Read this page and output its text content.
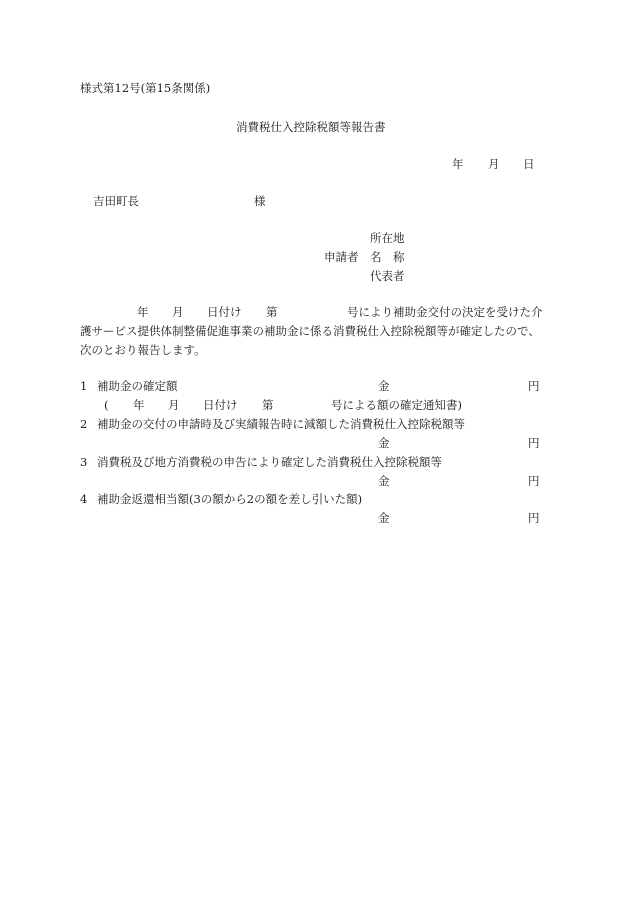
様式第12号(第15条関係)
消費税仕入控除税額等報告書
年 月 日
吉田町長	様
所在地
申請者 名　称
代表者
年 月 日付け 第	号により補助金交付の決定を受けた介
護サービス提供体制整備促進事業の補助金に係る消費税仕入控除税額等が確定したので、
次のとおり報告します。
1 補助金の確定額	金	円
( 年 月 日付け 第	号による額の確定通知書)
2 補助金の交付の申請時及び実績報告時に減額した消費税仕入控除税額等
金	円
3 消費税及び地方消費税の申告により確定した消費税仕入控除税額等
金	円
4 補助金返還相当額(3の額から2の額を差し引いた額)
金	円
